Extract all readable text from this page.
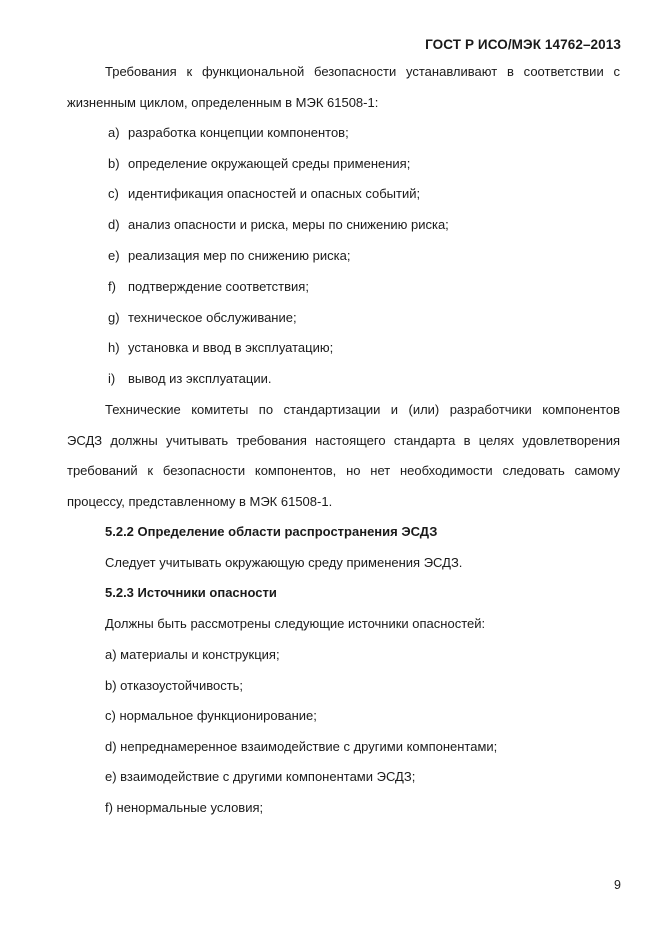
ГОСТ Р ИСО/МЭК 14762–2013
Требования к функциональной безопасности устанавливают в соответствии с
жизненным циклом, определенным в МЭК 61508-1:
a) разработка концепции компонентов;
b) определение окружающей среды применения;
c) идентификация опасностей и опасных событий;
d) анализ опасности и риска, меры по снижению риска;
e) реализация мер по снижению риска;
f) подтверждение соответствия;
g) техническое обслуживание;
h) установка и ввод в эксплуатацию;
i) вывод из эксплуатации.
Технические комитеты по стандартизации и (или) разработчики компонентов
ЭСДЗ должны учитывать требования настоящего стандарта в целях удовлетворения
требований к безопасности компонентов, но нет необходимости следовать самому
процессу, представленному в МЭК 61508-1.
5.2.2 Определение области распространения ЭСДЗ
Следует учитывать окружающую среду применения ЭСДЗ.
5.2.3 Источники опасности
Должны быть рассмотрены следующие источники опасностей:
a) материалы и конструкция;
b) отказоустойчивость;
c) нормальное функционирование;
d) непреднамеренное взаимодействие с другими компонентами;
e) взаимодействие с другими компонентами ЭСДЗ;
f) ненормальные условия;
9
